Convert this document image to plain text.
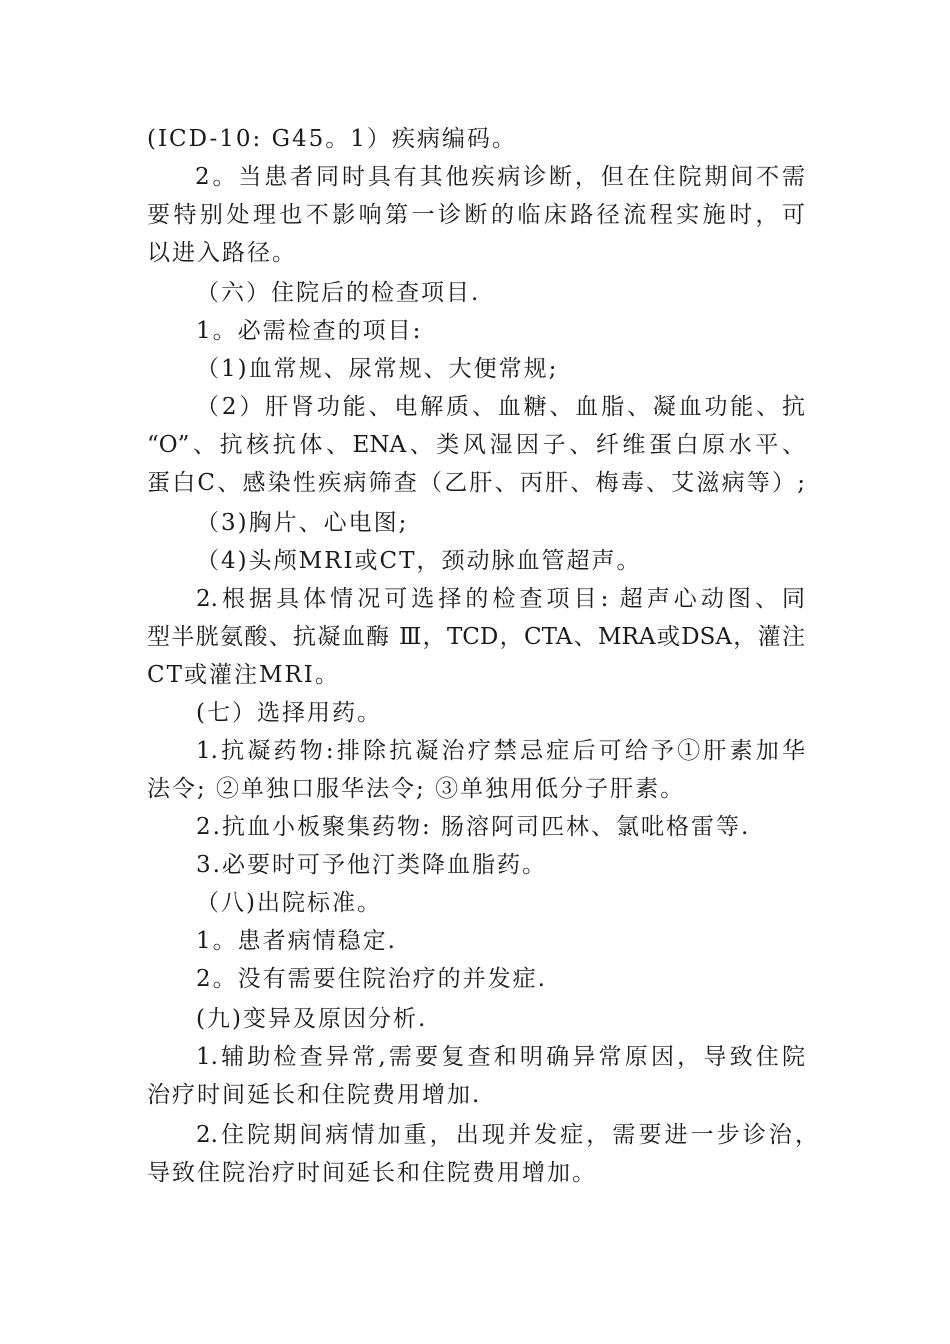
(ICD-10: G45。1）疾病编码。
2。当患者同时具有其他疾病诊断，但在住院期间不需
要特别处理也不影响第一诊断的临床路径流程实施时，可
以进入路径。
（六）住院后的检查项目.
1。必需检查的项目:
（1)血常规、尿常规、大便常规;
（2）肝肾功能、电解质、血糖、血脂、凝血功能、抗
“O”、抗核抗体、ENA、类风湿因子、纤维蛋白原水平、
蛋白C、感染性疾病筛查（乙肝、丙肝、梅毒、艾滋病等）;
（3)胸片、心电图;
（4)头颅MRI或CT，颈动脉血管超声。
2.根据具体情况可选择的检查项目: 超声心动图、同
型半胱氨酸、抗凝血酶 Ⅲ，TCD，CTA、MRA或DSA，灌注
CT或灌注MRI。
(七）选择用药。
1.抗凝药物:排除抗凝治疗禁忌症后可给予①肝素加华
法令; ②单独口服华法令; ③单独用低分子肝素。
2.抗血小板聚集药物: 肠溶阿司匹林、氯吡格雷等.
3.必要时可予他汀类降血脂药。
（八)出院标准。
1。患者病情稳定.
2。没有需要住院治疗的并发症.
(九)变异及原因分析.
1.辅助检查异常,需要复查和明确异常原因，导致住院
治疗时间延长和住院费用增加.
2.住院期间病情加重，出现并发症，需要进一步诊治，
导致住院治疗时间延长和住院费用增加。
